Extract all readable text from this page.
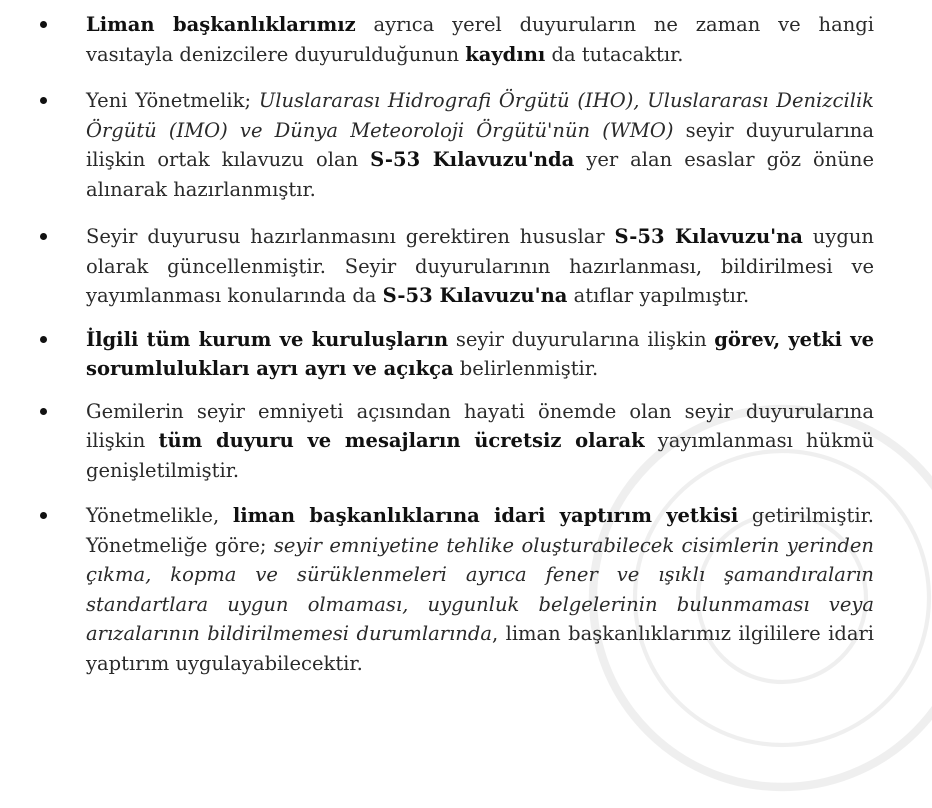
Liman başkanlıklarımız ayrıca yerel duyuruların ne zaman ve hangi vasıtayla denizcilere duyurulduğunun kaydını da tutacaktır.
Yeni Yönetmelik; Uluslararası Hidrografi Örgütü (IHO), Uluslararası Denizcilik Örgütü (IMO) ve Dünya Meteoroloji Örgütü'nün (WMO) seyir duyurularına ilişkin ortak kılavuzu olan S-53 Kılavuzu'nda yer alan esaslar göz önüne alınarak hazırlanmıştır.
Seyir duyurusu hazırlanmasını gerektiren hususlar S-53 Kılavuzu'na uygun olarak güncellenmiştir. Seyir duyurularının hazırlanması, bildirilmesi ve yayımlanması konularında da S-53 Kılavuzu'na atıflar yapılmıştır.
İlgili tüm kurum ve kuruluşların seyir duyurularına ilişkin görev, yetki ve sorumlulukları ayrı ayrı ve açıkça belirlenmiştir.
Gemilerin seyir emniyeti açısından hayati önemde olan seyir duyurularına ilişkin tüm duyuru ve mesajların ücretsiz olarak yayımlanması hükmü genişletilmiştir.
Yönetmelikle, liman başkanlıklarına idari yaptırım yetkisi getirilmiştir. Yönetmeliğe göre; seyir emniyetine tehlike oluşturabilecek cisimlerin yerinden çıkma, kopma ve sürüklenmeleri ayrıca fener ve ışıklı şamandıraların standartlara uygun olmaması, uygunluk belgelerinin bulunmaması veya arızalarının bildirilmemesi durumlarında, liman başkanlıklarımız ilgililere idari yaptırım uygulayabilecektir.
